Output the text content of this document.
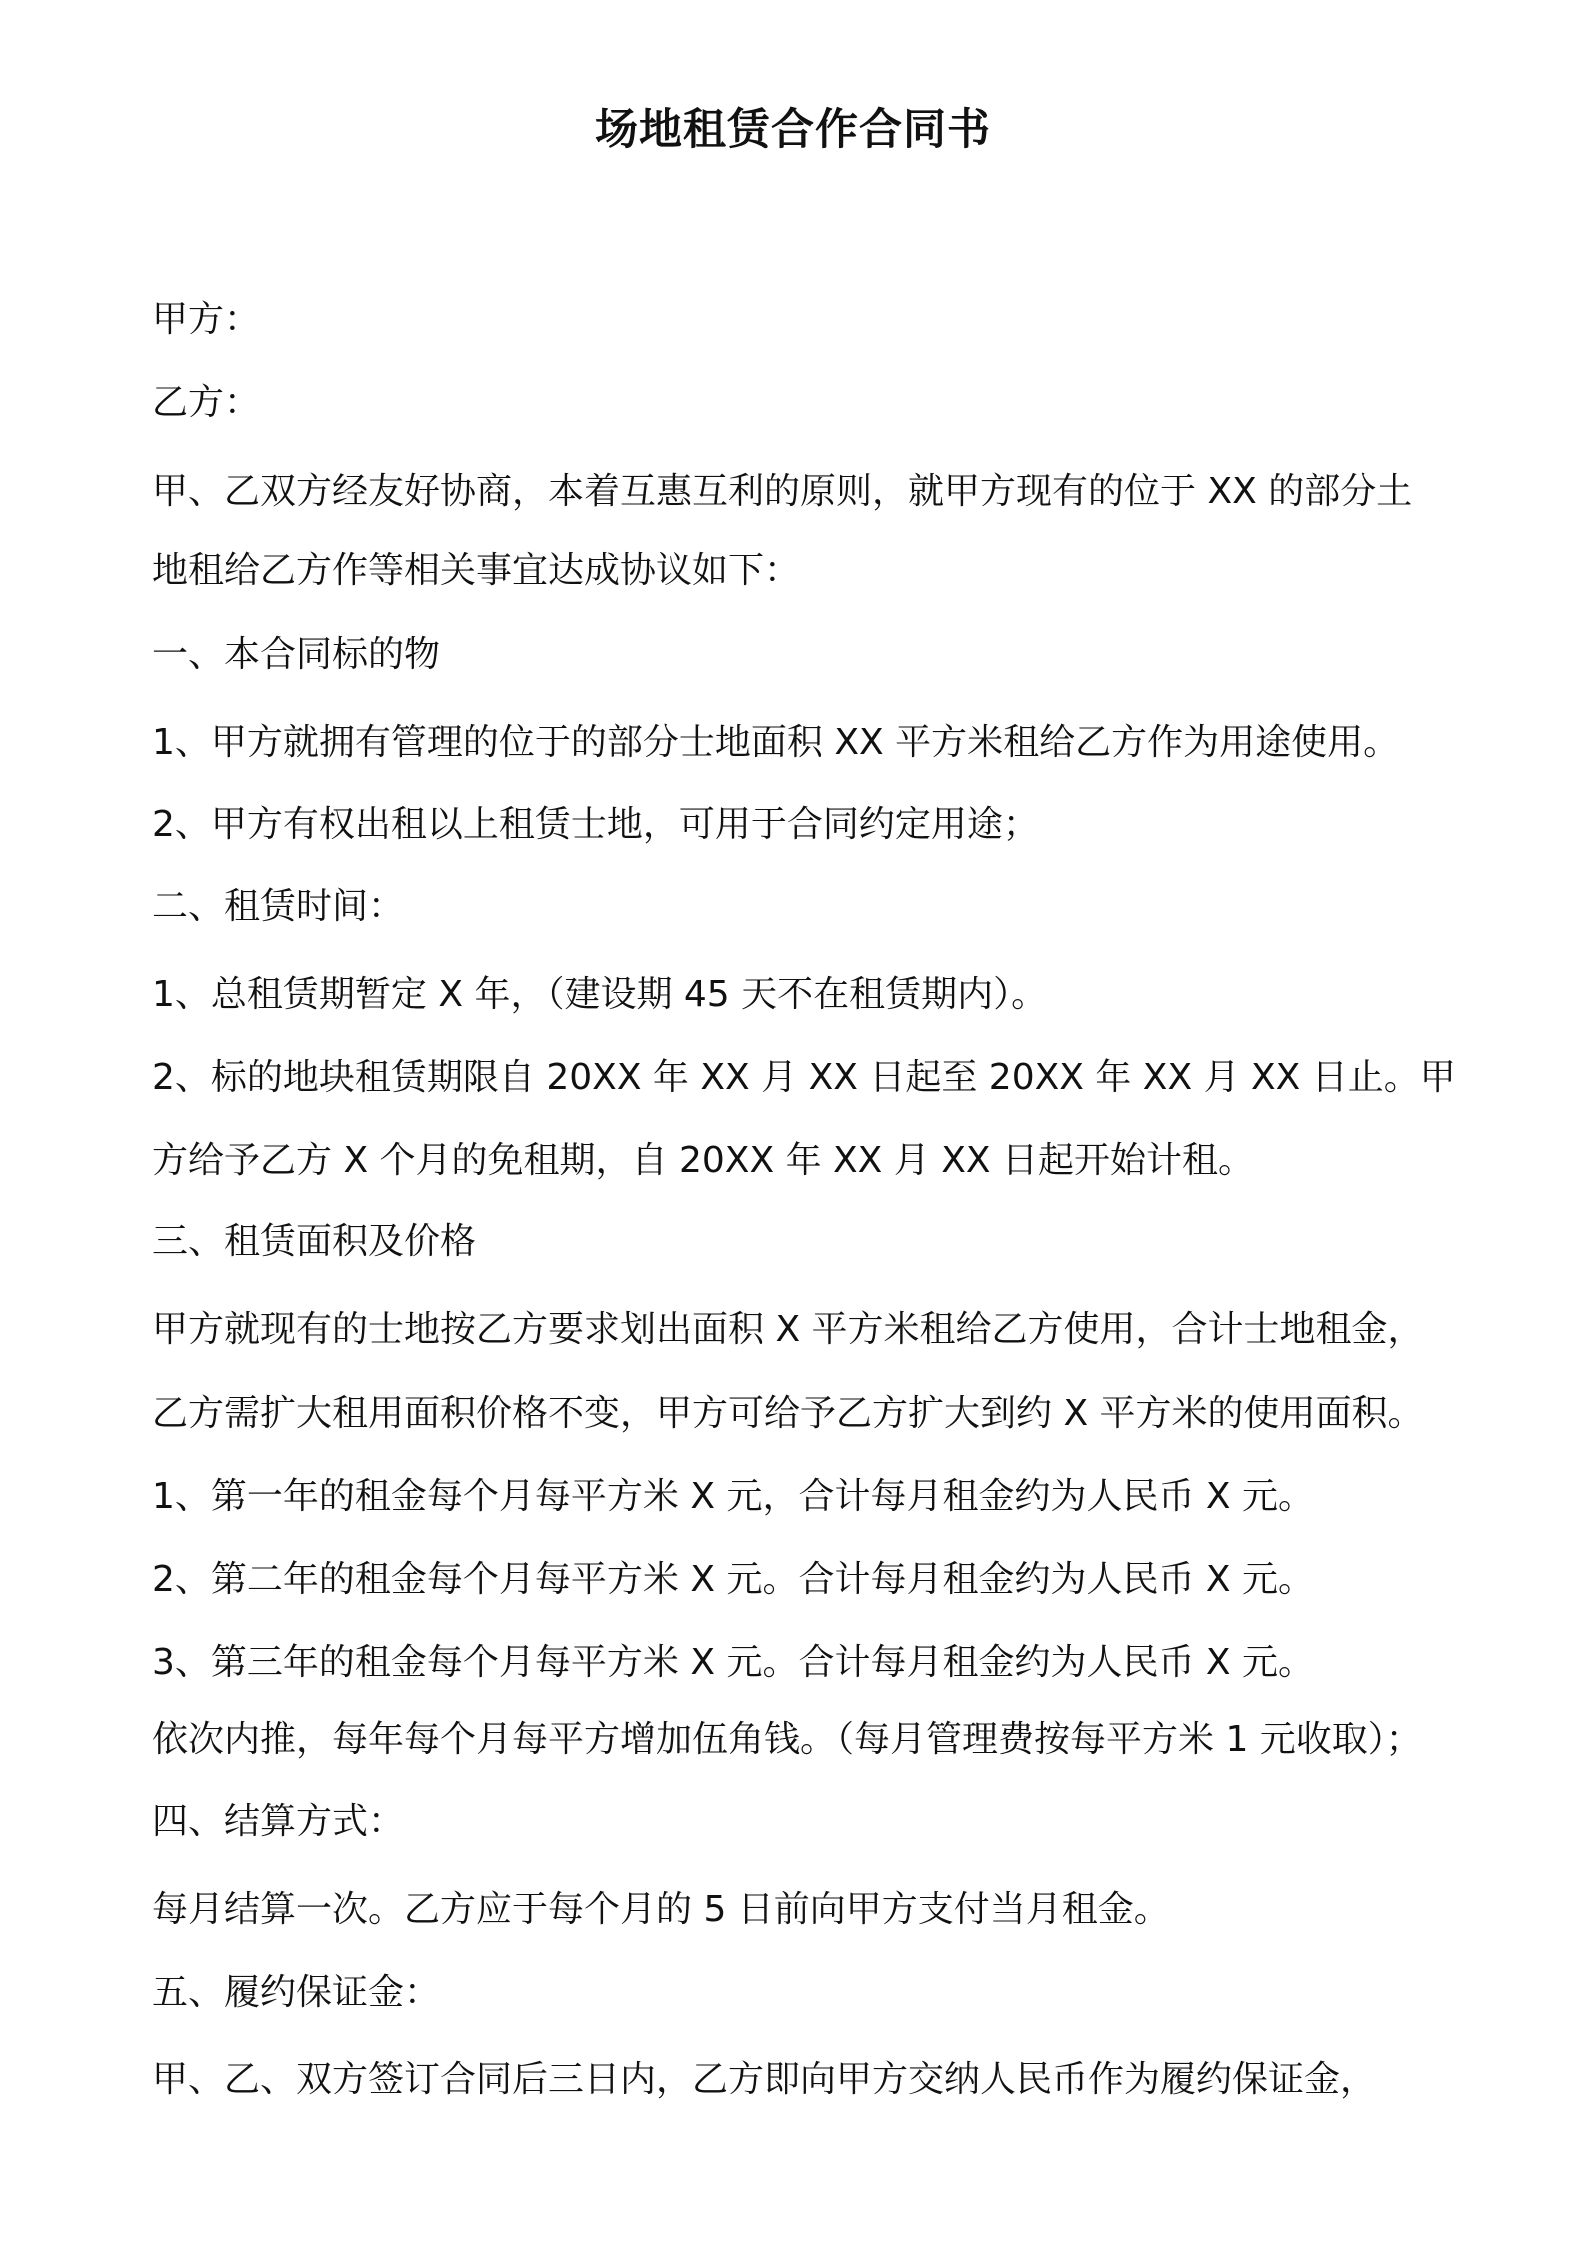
场地租赁合作合同书

甲方：

乙方：

甲、乙双方经友好协商，本着互惠互利的原则，就甲方现有的位于 XX 的部分土

地租给乙方作等相关事宜达成协议如下：

一、本合同标的物

1、甲方就拥有管理的位于的部分士地面积 XX 平方米租给乙方作为用途使用。

2、甲方有权出租以上租赁士地，可用于合同约定用途；

二、租赁时间：

1、总租赁期暂定 X 年，（建设期 45 天不在租赁期内）。

2、标的地块租赁期限自 20XX 年 XX 月 XX 日起至 20XX 年 XX 月 XX 日止。甲

方给予乙方 X 个月的免租期，自 20XX 年 XX 月 XX 日起开始计租。

三、租赁面积及价格

甲方就现有的士地按乙方要求划出面积 X 平方米租给乙方使用，合计士地租金，

乙方需扩大租用面积价格不变，甲方可给予乙方扩大到约 X 平方米的使用面积。

1、第一年的租金每个月每平方米 X 元，合计每月租金约为人民币 X 元。

2、第二年的租金每个月每平方米 X 元。合计每月租金约为人民币 X 元。

3、第三年的租金每个月每平方米 X 元。合计每月租金约为人民币 X 元。

依次内推，每年每个月每平方增加伍角钱。（每月管理费按每平方米 1 元收取）；

四、结算方式：

每月结算一次。乙方应于每个月的 5 日前向甲方支付当月租金。

五、履约保证金：

甲、乙、双方签订合同后三日内，乙方即向甲方交纳人民币作为履约保证金，
